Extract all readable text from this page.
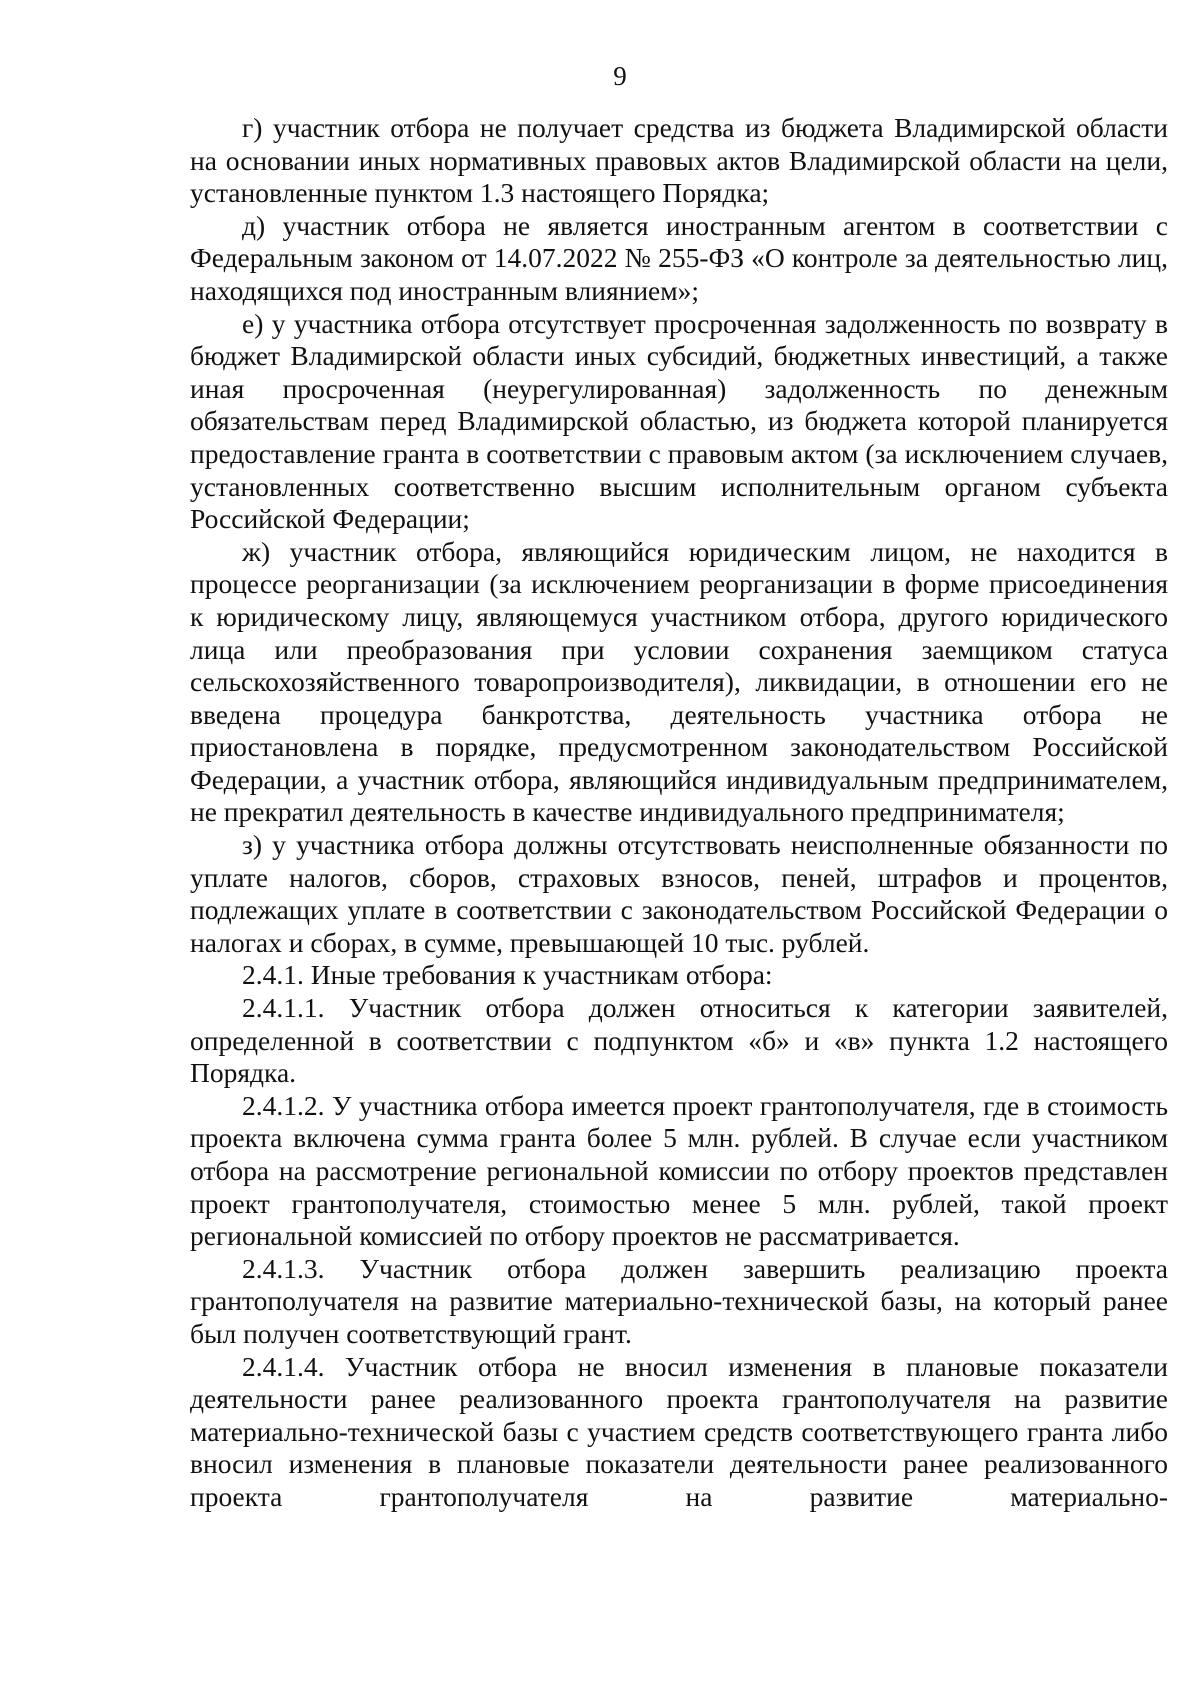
9

г) участник отбора не получает средства из бюджета Владимирской области на основании иных нормативных правовых актов Владимирской области на цели, установленные пунктом 1.3 настоящего Порядка;

д) участник отбора не является иностранным агентом в соответствии с Федеральным законом от 14.07.2022 № 255-ФЗ «О контроле за деятельностью лиц, находящихся под иностранным влиянием»;

е) у участника отбора отсутствует просроченная задолженность по возврату в бюджет Владимирской области иных субсидий, бюджетных инвестиций, а также иная просроченная (неурегулированная) задолженность по денежным обязательствам перед Владимирской областью, из бюджета которой планируется предоставление гранта в соответствии с правовым актом (за исключением случаев, установленных соответственно высшим исполнительным органом субъекта Российской Федерации;

ж) участник отбора, являющийся юридическим лицом, не находится в процессе реорганизации (за исключением реорганизации в форме присоединения к юридическому лицу, являющемуся участником отбора, другого юридического лица или преобразования при условии сохранения заемщиком статуса сельскохозяйственного товаропроизводителя), ликвидации, в отношении его не введена процедура банкротства, деятельность участника отбора не приостановлена в порядке, предусмотренном законодательством Российской Федерации, а участник отбора, являющийся индивидуальным предпринимателем, не прекратил деятельность в качестве индивидуального предпринимателя;

з) у участника отбора должны отсутствовать неисполненные обязанности по уплате налогов, сборов, страховых взносов, пеней, штрафов и процентов, подлежащих уплате в соответствии с законодательством Российской Федерации о налогах и сборах, в сумме, превышающей 10 тыс. рублей.

2.4.1. Иные требования к участникам отбора:

2.4.1.1. Участник отбора должен относиться к категории заявителей, определенной в соответствии с подпунктом «б» и «в» пункта 1.2 настоящего Порядка.

2.4.1.2. У участника отбора имеется проект грантополучателя, где в стоимость проекта включена сумма гранта более 5 млн. рублей. В случае если участником отбора на рассмотрение региональной комиссии по отбору проектов представлен проект грантополучателя, стоимостью менее 5 млн. рублей, такой проект региональной комиссией по отбору проектов не рассматривается.

2.4.1.3. Участник отбора должен завершить реализацию проекта грантополучателя на развитие материально-технической базы, на который ранее был получен соответствующий грант.

2.4.1.4. Участник отбора не вносил изменения в плановые показатели деятельности ранее реализованного проекта грантополучателя на развитие материально-технической базы с участием средств соответствующего гранта либо вносил изменения в плановые показатели деятельности ранее реализованного проекта грантополучателя на развитие материально-
